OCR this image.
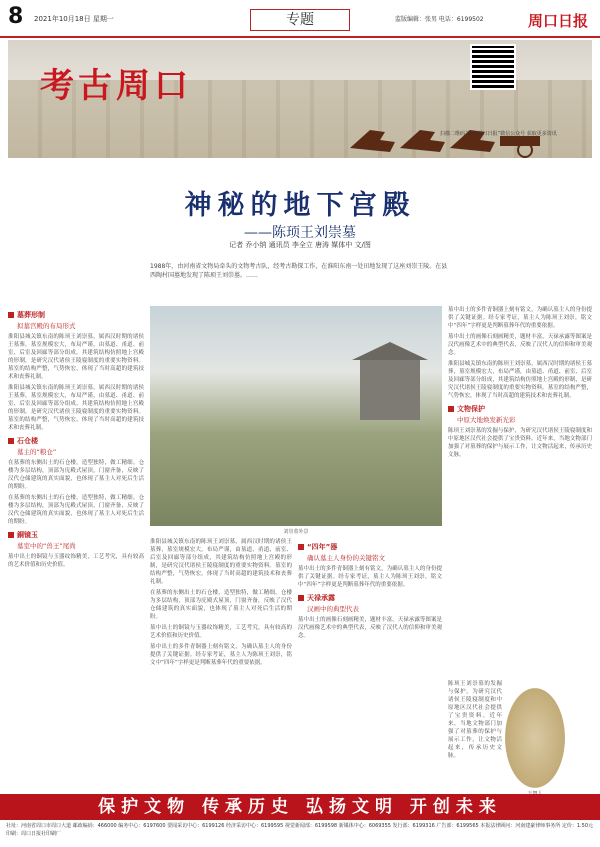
8 2021年10月18日 星期一	专题	监版编辑：张男 电话：6199502	周口日报
考古周口
扫描二维码关注“周口日报”微信公众号 获取更多资讯
神秘的地下宫殿
——陈顼王刘崇墓
记者 乔小纳 通讯员 李全立 唐涛 媒体中 文/图
1988年，由河南省文物局牵头的文物考古队，经考古勘探工作，在淮阳东南一处田地发现了这座刘崇王陵。在县西陶村国墓地发现了陈顼王刘崇墓。……
墓葬形制
拟墓宫殿的布局形式

淮阳县城关镇东南的陈顼王刘崇墓，属西汉时期的诸侯王墓葬，墓室规模宏大，布局严谨，由墓道、甬道、前室、后室及回廊等部分组成，其建筑结构仿照地上宫殿的形制，是研究汉代诸侯王陵寝制度的重要实物资料。墓室的结构严整，气势恢宏，体现了当时高超的建筑技术和丧葬礼制。

淮阳县城关镇东南的陈顼王刘崇墓，属西汉时期的诸侯王墓葬，墓室规模宏大，布局严谨，由墓道、甬道、前室、后室及回廊等部分组成，其建筑结构仿照地上宫殿的形制，是研究汉代诸侯王陵寝制度的重要实物资料。墓室的结构严整，气势恢宏，体现了当时高超的建筑技术和丧葬礼制。

石仓楼
墓主的“粮仓”

在墓葬的东侧出土的石仓楼，造型独特，做工精细。仓楼为多层结构，顶部为庑殿式屋顶，门窗齐备，反映了汉代仓储建筑的真实面貌，也体现了墓主人对死后生活的期盼。

在墓葬的东侧出土的石仓楼，造型独特，做工精细。仓楼为多层结构，顶部为庑殿式屋顶，门窗齐备，反映了汉代仓储建筑的真实面貌，也体现了墓主人对死后生活的期盼。

銅镜玉
墓室中的“兽王”尾尚

墓中出土的铜镜与玉器纹饰精美，工艺考究，具有较高的艺术价值和历史价值。

刘崇墓外景

淮阳县城关镇东南的陈顼王刘崇墓，属西汉时期的诸侯王墓葬，墓室规模宏大，布局严谨，由墓道、甬道、前室、后室及回廊等部分组成，其建筑结构仿照地上宫殿的形制，是研究汉代诸侯王陵寝制度的重要实物资料。墓室的结构严整，气势恢宏，体现了当时高超的建筑技术和丧葬礼制。

在墓葬的东侧出土的石仓楼，造型独特，做工精细。仓楼为多层结构，顶部为庑殿式屋顶，门窗齐备，反映了汉代仓储建筑的真实面貌，也体现了墓主人对死后生活的期盼。

墓中出土的铜镜与玉器纹饰精美，工艺考究，具有较高的艺术价值和历史价值。

墓中出土的多件青铜器上刻有铭文，为确认墓主人的身份提供了关键证据。经专家考证，墓主人为陈顼王刘崇，铭文中“四年”字样更是判断墓葬年代的重要依据。

“四年”器
确认墓主人身份的关键铭文

墓中出土的多件青铜器上刻有铭文，为确认墓主人的身份提供了关键证据。经专家考证，墓主人为陈顼王刘崇，铭文中“四年”字样更是判断墓葬年代的重要依据。

天禄承露
汉画中的典型代表

墓中出土的画像石刻画精美，题材丰富，天禄承露等图案是汉代画像艺术中的典型代表，反映了汉代人的信仰和审美观念。

墓中出土的多件青铜器上刻有铭文，为确认墓主人的身份提供了关键证据。经专家考证，墓主人为陈顼王刘崇，铭文中“四年”字样更是判断墓葬年代的重要依据。

墓中出土的画像石刻画精美，题材丰富，天禄承露等图案是汉代画像艺术中的典型代表，反映了汉代人的信仰和审美观念。

淮阳县城关镇东南的陈顼王刘崇墓，属西汉时期的诸侯王墓葬，墓室规模宏大，布局严谨，由墓道、甬道、前室、后室及回廊等部分组成，其建筑结构仿照地上宫殿的形制，是研究汉代诸侯王陵寝制度的重要实物资料。墓室的结构严整，气势恢宏，体现了当时高超的建筑技术和丧葬礼制。

文物保护
中原大地焕发新光彩

陈顼王刘崇墓的发掘与保护，为研究汉代诸侯王陵寝制度和中原地区汉代社会提供了宝贵资料。近年来，当地文物部门加强了对墓葬的保护与展示工作，让文物活起来，传承历史文脉。

陈顼王刘崇墓的发掘与保护，为研究汉代诸侯王陵寝制度和中原地区汉代社会提供了宝贵资料。近年来，当地文物部门加强了对墓葬的保护与展示工作，让文物活起来，传承历史文脉。

保护文物 传承历史 弘扬文明 开创未来
社址：河南省周口市周口大道 邮政编码：466000 编务中心：6197600 要闻采访中心：6199126 经济采访中心：6199595 视觉新闻部：6199598 新媒体中心：6069355 发行部：6199316 广告部：6199565 本报法律顾问：河南建豪律师事务所 定价：1.50元 印刷：周口日报社印刷厂
